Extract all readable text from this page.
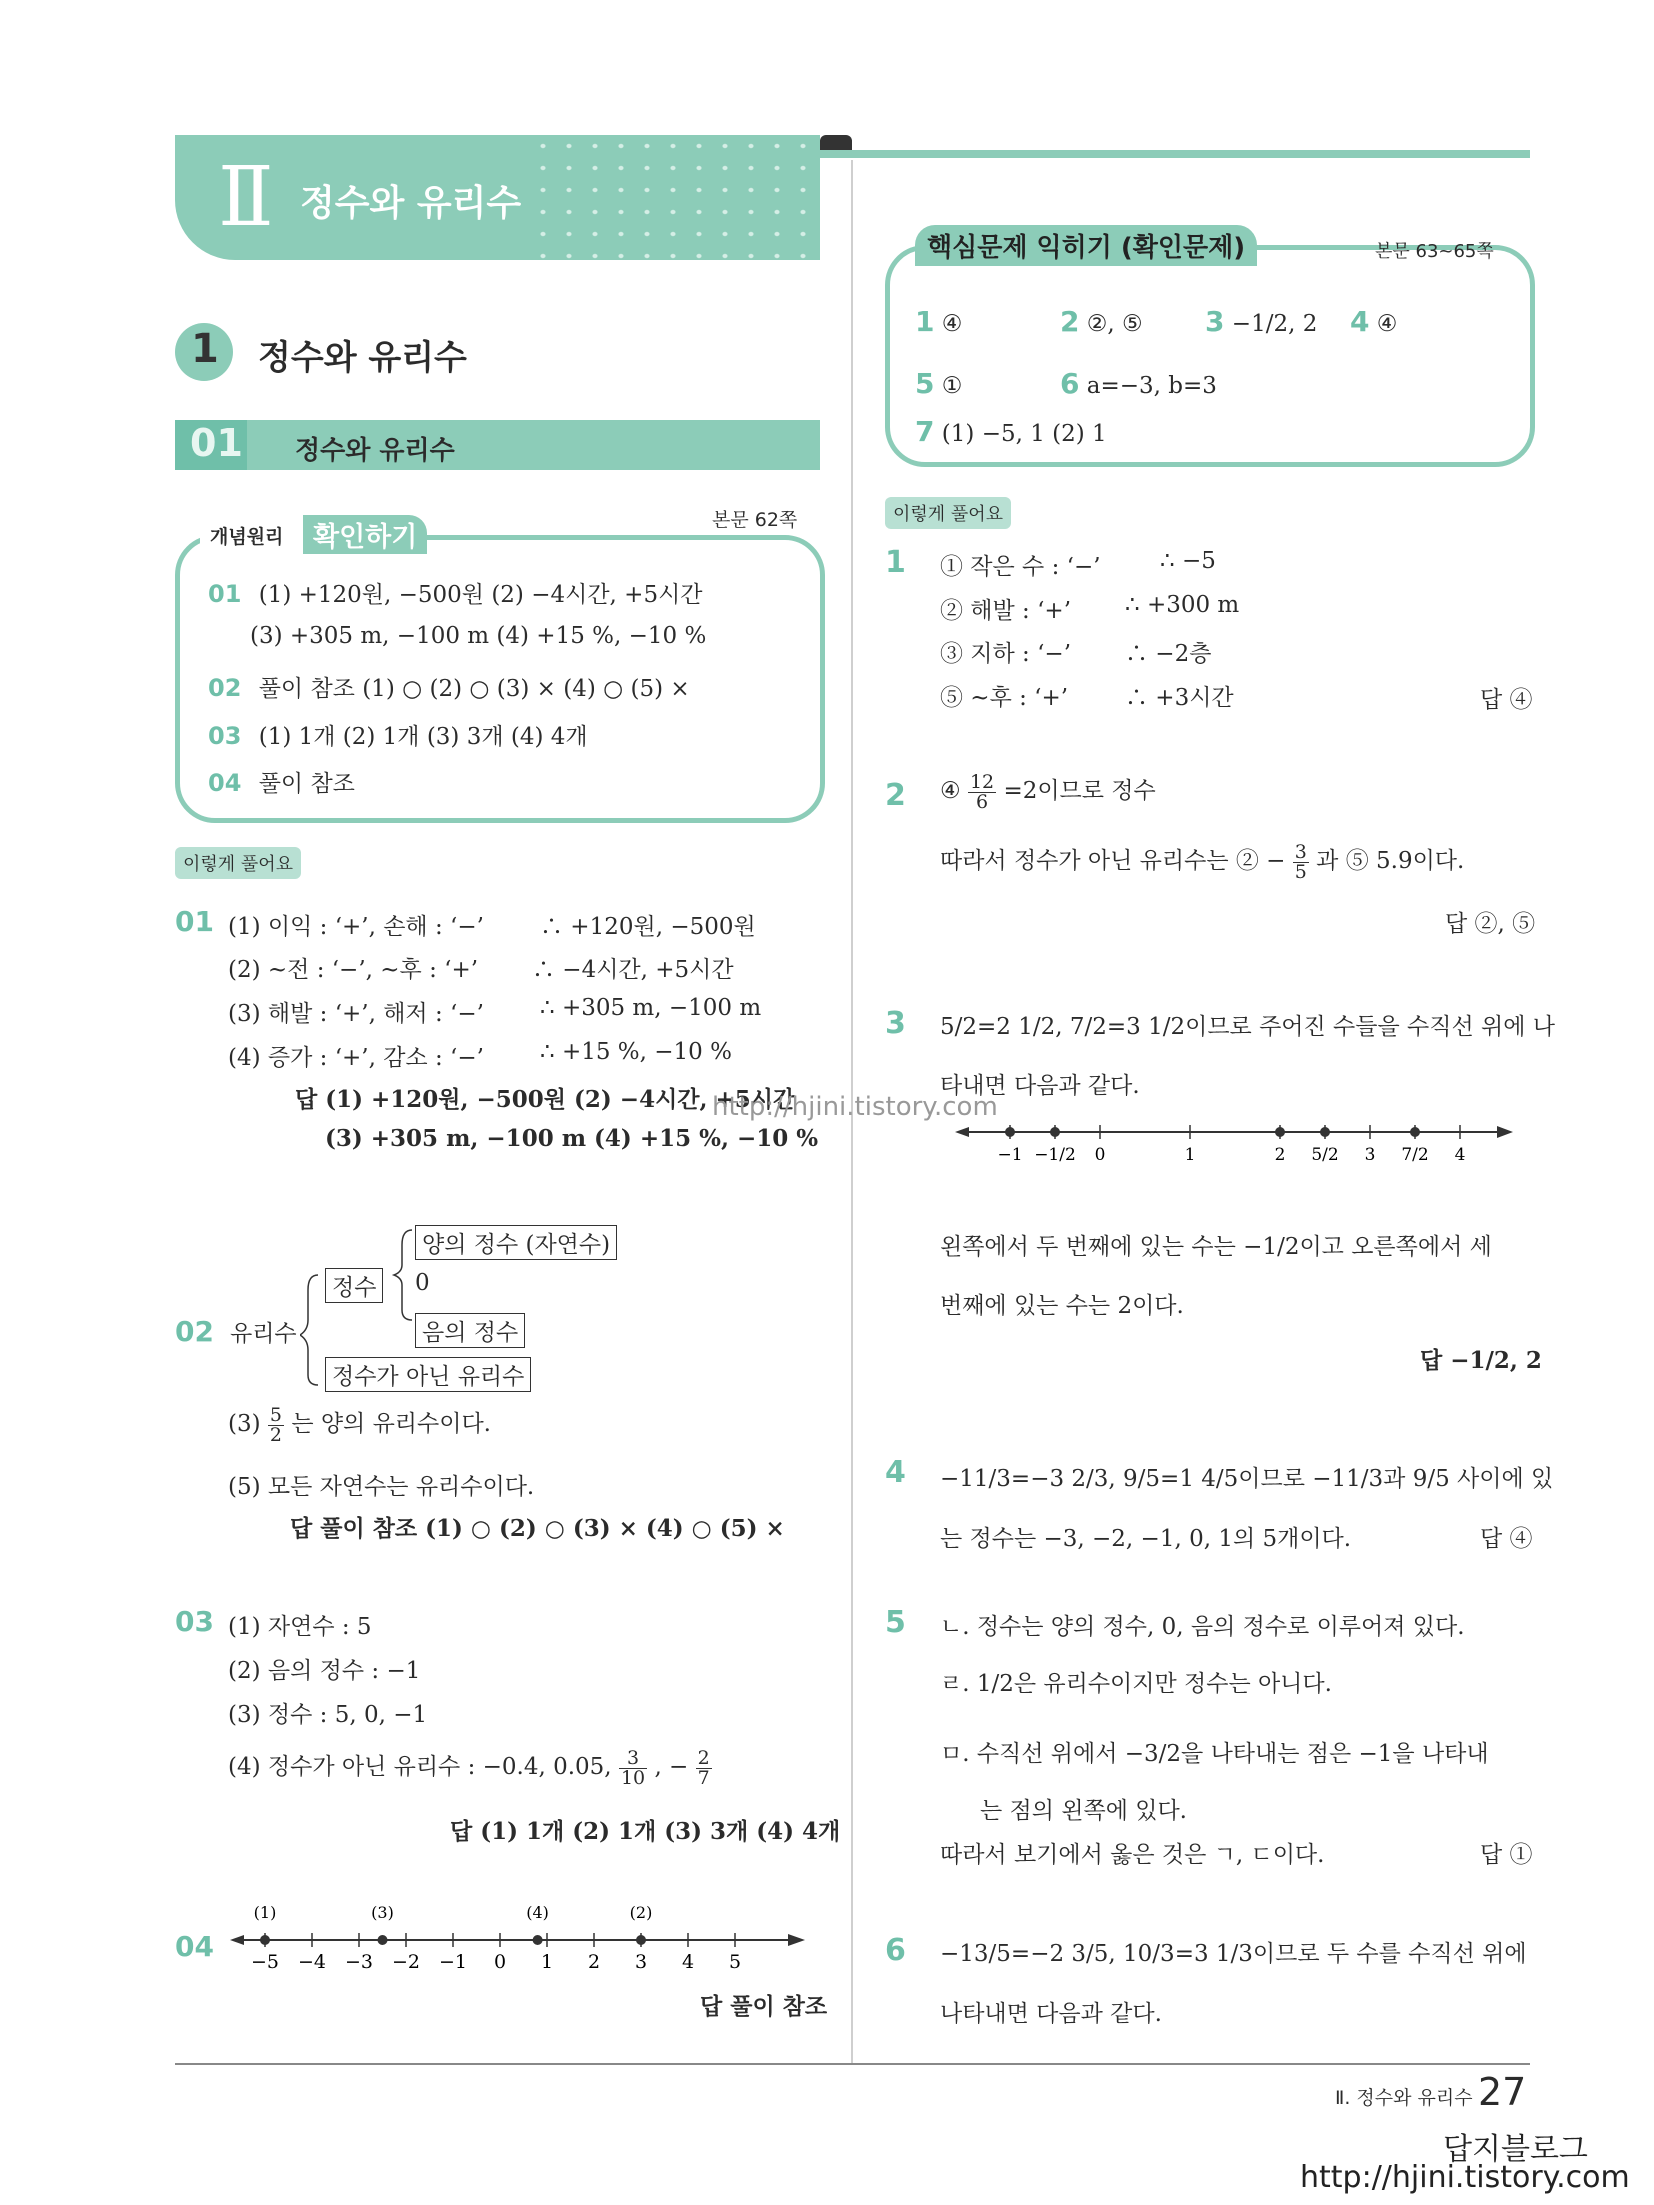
Ⅱ 정수와 유리수
1 정수와 유리수
01 정수와 유리수
개념원리	확인하기
본문 62쪽
01 (1) +120원, −500원 (2) −4시간, +5시간
(3) +305 m, −100 m (4) +15 %, −10 %
02 풀이 참조 (1) ○ (2) ○ (3) × (4) ○ (5) ×
03 (1) 1개 (2) 1개 (3) 3개 (4) 4개
04 풀이 참조
이렇게 풀어요
01 (1) 이익 : ‘+’, 손해 : ‘−’ ∴ +120원, −500원
(2) ~전 : ‘−’, ~후 : ‘+’ ∴ −4시간, +5시간
(3) 해발 : ‘+’, 해저 : ‘−’ ∴ +305 m, −100 m
(4) 증가 : ‘+’, 감소 : ‘−’ ∴ +15 %, −10 %
답 (1) +120원, −500원 (2) −4시간, +5시간
(3) +305 m, −100 m (4) +15 %, −10 %
02 유리수
정수
양의 정수 (자연수)
0
음의 정수
정수가 아닌 유리수
$(3) \frac{5}{2}$ 는 양의 유리수이다.
(5) 모든 자연수는 유리수이다.
답 풀이 참조 (1) ○ (2) ○ (3) × (4) ○ (5) ×
03 (1) 자연수 : 5
(2) 음의 정수 : −1
(3) 정수 : 5, 0, −1
(4) 정수가 아닌 유리수 : −0.4, 0.05, $\frac{3}{10}$ , − $\frac{2}{7}$
답 (1) 1개 (2) 1개 (3) 3개 (4) 4개
04 −5 −4 −3 −2 −1 0 1 2 3 4 5
(1)	(3)	(4)	(2)
답 풀이 참조
핵심문제 익히기 (확인문제)	본문 63~65쪽
1 ④	2 ②, ⑤ 3 −1/2, 2 4 ④
5 ①	6 a=−3, b=3
7 (1) −5, 1 (2) 1
이렇게 풀어요
1 ① 작은 수 : ‘−’	∴ −5
② 해발 : ‘+’ ∴ +300 m
③ 지하 : ‘−’ ∴ −2층
⑤ ~후 : ‘+’ ∴ +3시간	답 ④
2 ④ $\frac{12}{6} =2$이므로 정수
따라서 정수가 아닌 유리수는 ② − $\frac{3}{5}$ 과 ⑤ 5.9이다.
답 ②, ⑤
3 5/2=2 1/2, 7/2=3 1/2이므로 주어진 수들을 수직선 위에 나
타내면 다음과 같다.
−1 −1/2 0	1	2 5/2 3 7/2 4
왼쪽에서 두 번째에 있는 수는 −1/2이고 오른쪽에서 세
번째에 있는 수는 2이다.
답 −1/2, 2
4 −11/3=−3 2/3, 9/5=1 4/5이므로 −11/3과 9/5 사이에 있
는 정수는 −3, −2, −1, 0, 1의 5개이다.	답 ④
5 ㄴ. 정수는 양의 정수, 0, 음의 정수로 이루어져 있다.
ㄹ. 1/2은 유리수이지만 정수는 아니다.
ㅁ. 수직선 위에서 −3/2을 나타내는 점은 −1을 나타내
는 점의 왼쪽에 있다.
따라서 보기에서 옳은 것은 ㄱ, ㄷ이다.	답 ①
6 −13/5=−2 3/5, 10/3=3 1/3이므로 두 수를 수직선 위에
나타내면 다음과 같다.
Ⅱ. 정수와 유리수 27
http://hjini.tistory.com
답지블로그
http://hjini.tistory.com
